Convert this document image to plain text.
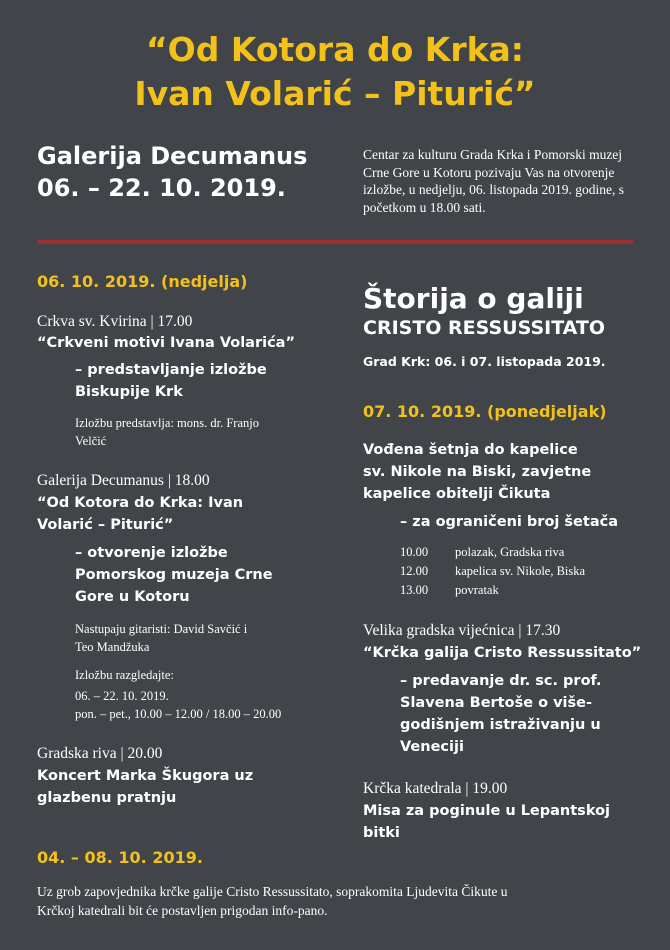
“Od Kotora do Krka:
Ivan Volarić – Piturić”
Galerija Decumanus
06. – 22. 10. 2019.
Centar za kulturu Grada Krka i Pomorski muzej Crne Gore u Kotoru pozivaju Vas na otvorenje izložbe, u nedjelju, 06. listopada 2019. godine, s početkom u 18.00 sati.
06. 10. 2019. (nedjelja)
Crkva sv. Kvirina | 17.00
“Crkveni motivi Ivana Volarića”
– predstavljanje izložbe
Biskupije Krk
Izložbu predstavlja: mons. dr. Franjo
Velčić
Galerija Decumanus | 18.00
“Od Kotora do Krka: Ivan
Volarić – Piturić”
– otvorenje izložbe
Pomorskog muzeja Crne
Gore u Kotoru
Nastupaju gitaristi: David Savčić i
Teo Mandžuka
Izložbu razgledajte:
06. – 22. 10. 2019.
pon. – pet., 10.00 – 12.00 / 18.00 – 20.00
Gradska riva | 20.00
Koncert Marka Škugora uz
glazbenu pratnju
04. – 08. 10. 2019.
Štorija o galiji
CRISTO RESSUSSITATO
Grad Krk: 06. i 07. listopada 2019.
07. 10. 2019. (ponedjeljak)
Vođena šetnja do kapelice
sv. Nikole na Biski, zavjetne
kapelice obitelji Čikuta
– za ograničeni broj šetača
10.00 polazak, Gradska riva
12.00 kapelica sv. Nikole, Biska
13.00 povratak
Velika gradska vijećnica | 17.30
“Krčka galija Cristo Ressussitato”
– predavanje dr. sc. prof.
Slavena Bertoše o više-
godišnjem istraživanju u
Veneciji
Krčka katedrala | 19.00
Misa za poginule u Lepantskoj
bitki
Uz grob zapovjednika krčke galije Cristo Ressussitato, soprakomita Ljudevita Čikute u
Krčkoj katedrali bit će postavljen prigodan info-pano.
